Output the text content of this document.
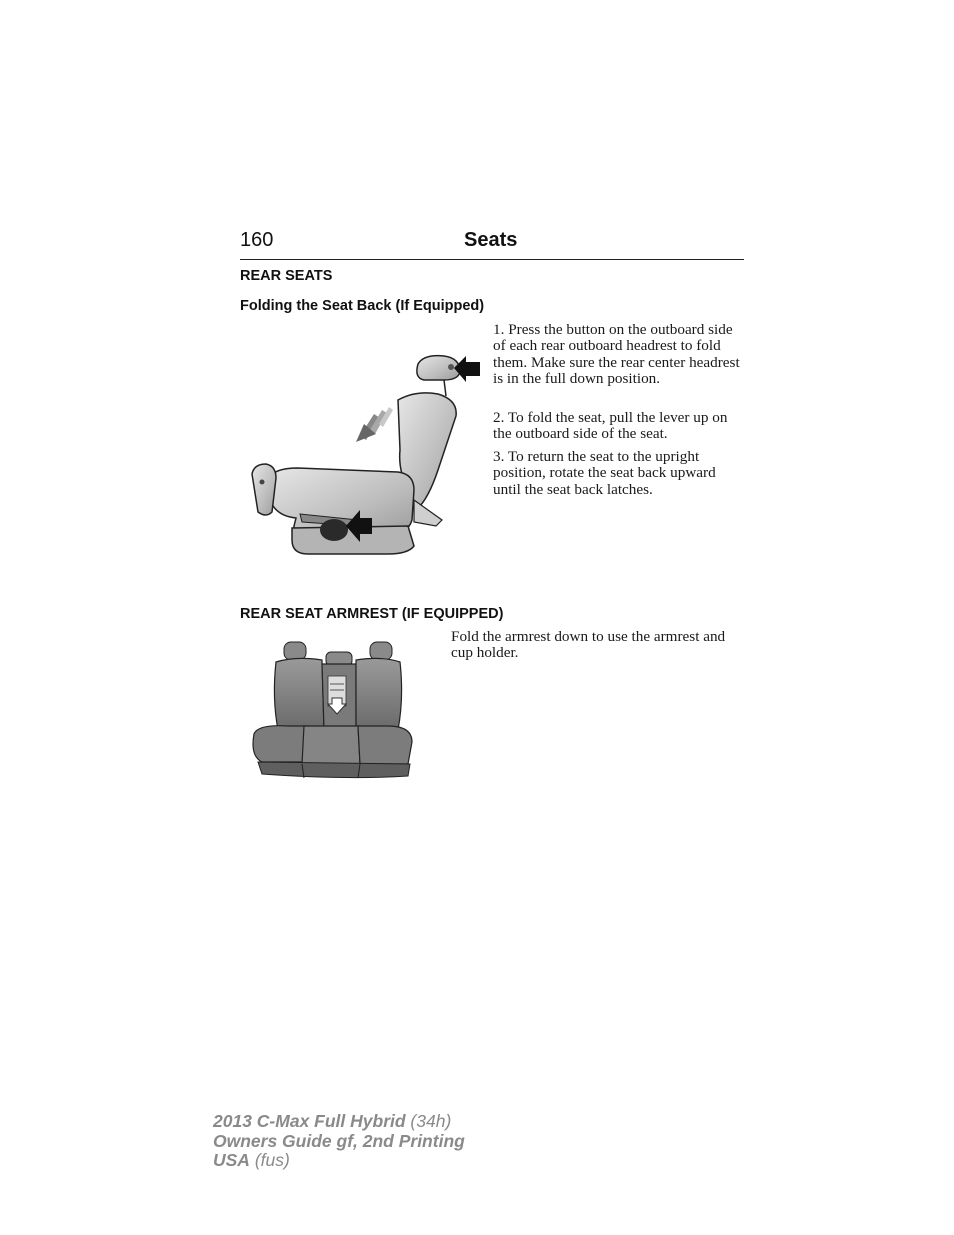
160	Seats
REAR SEATS
Folding the Seat Back (If Equipped)

1. Press the button on the outboard side of each rear outboard headrest to fold them. Make sure the rear center headrest is in the full down position.

2. To fold the seat, pull the lever up on the outboard side of the seat.

3. To return the seat to the upright position, rotate the seat back upward until the seat back latches.

REAR SEAT ARMREST (IF EQUIPPED)

Fold the armrest down to use the armrest and cup holder.

2013 C-Max Full Hybrid (34h)
Owners Guide gf, 2nd Printing
USA (fus)
